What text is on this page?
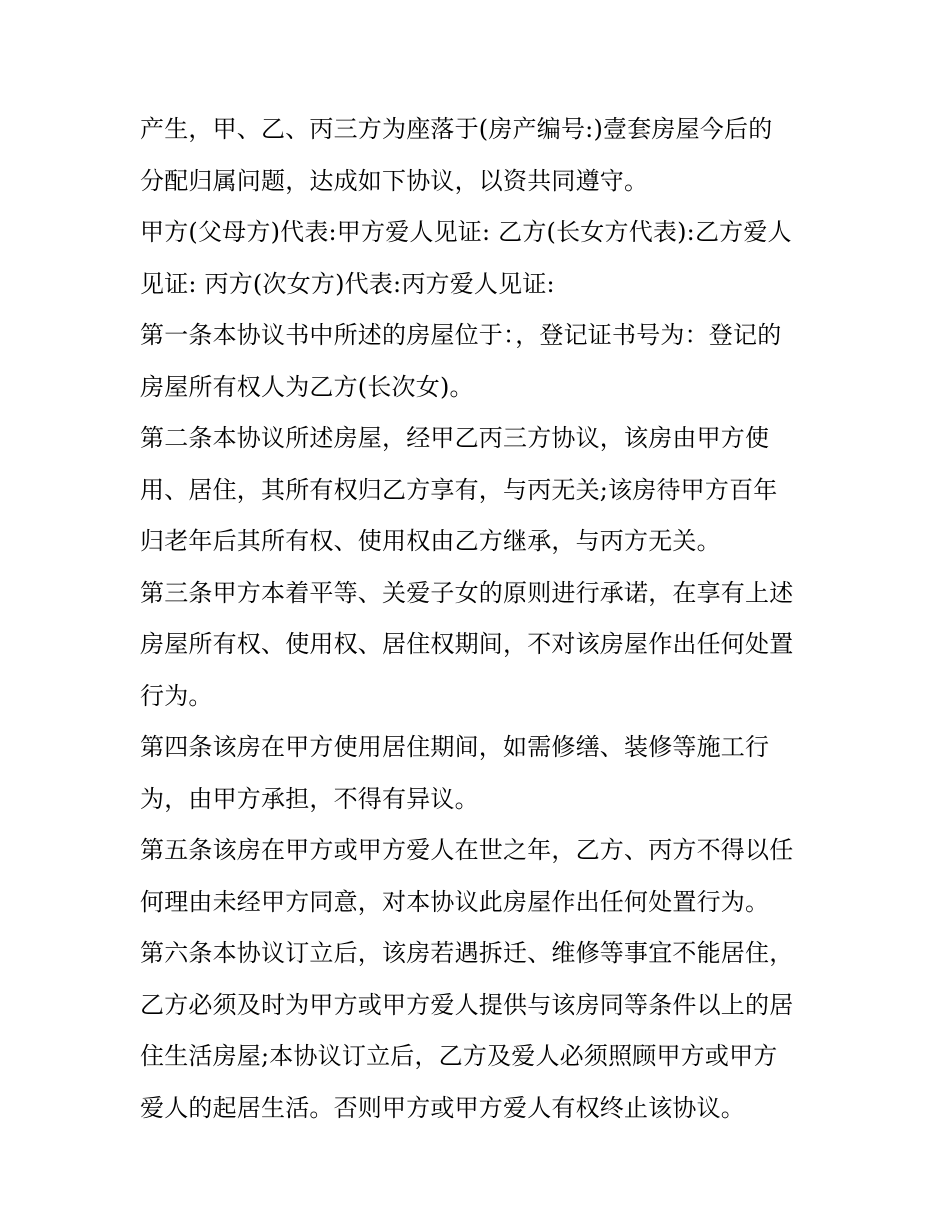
产生，甲、乙、丙三方为座落于(房产编号:)壹套房屋今后的
分配归属问题，达成如下协议，以资共同遵守。
甲方(父母方)代表:甲方爱人见证: 乙方(长女方代表):乙方爱人
见证: 丙方(次女方)代表:丙方爱人见证:
第一条本协议书中所述的房屋位于：，登记证书号为：登记的
房屋所有权人为乙方(长次女)。
第二条本协议所述房屋，经甲乙丙三方协议，该房由甲方使
用、居住，其所有权归乙方享有，与丙无关;该房待甲方百年
归老年后其所有权、使用权由乙方继承，与丙方无关。
第三条甲方本着平等、关爱子女的原则进行承诺，在享有上述
房屋所有权、使用权、居住权期间，不对该房屋作出任何处置
行为。
第四条该房在甲方使用居住期间，如需修缮、装修等施工行
为，由甲方承担，不得有异议。
第五条该房在甲方或甲方爱人在世之年，乙方、丙方不得以任
何理由未经甲方同意，对本协议此房屋作出任何处置行为。
第六条本协议订立后，该房若遇拆迁、维修等事宜不能居住，
乙方必须及时为甲方或甲方爱人提供与该房同等条件以上的居
住生活房屋;本协议订立后，乙方及爱人必须照顾甲方或甲方
爱人的起居生活。否则甲方或甲方爱人有权终止该协议。
